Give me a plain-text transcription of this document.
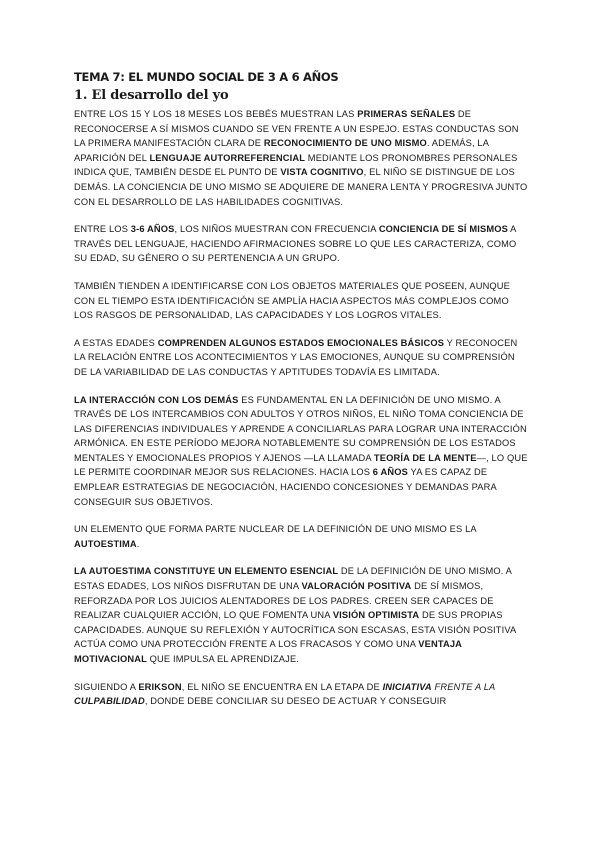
TEMA 7: EL MUNDO SOCIAL DE 3 A 6 AÑOS
1. El desarrollo del yo

ENTRE LOS 15 Y LOS 18 MESES LOS BEBÉS MUESTRAN LAS PRIMERAS SEÑALES DE RECONOCERSE A SÍ MISMOS CUANDO SE VEN FRENTE A UN ESPEJO. ESTAS CONDUCTAS SON LA PRIMERA MANIFESTACIÓN CLARA DE RECONOCIMIENTO DE UNO MISMO. ADEMÁS, LA APARICIÓN DEL LENGUAJE AUTORREFERENCIAL MEDIANTE LOS PRONOMBRES PERSONALES INDICA QUE, TAMBIÉN DESDE EL PUNTO DE VISTA COGNITIVO, EL NIÑO SE DISTINGUE DE LOS DEMÁS. LA CONCIENCIA DE UNO MISMO SE ADQUIERE DE MANERA LENTA Y PROGRESIVA JUNTO CON EL DESARROLLO DE LAS HABILIDADES COGNITIVAS.

ENTRE LOS 3-6 AÑOS, LOS NIÑOS MUESTRAN CON FRECUENCIA CONCIENCIA DE SÍ MISMOS A TRAVÉS DEL LENGUAJE, HACIENDO AFIRMACIONES SOBRE LO QUE LES CARACTERIZA, COMO SU EDAD, SU GÉNERO O SU PERTENENCIA A UN GRUPO.

TAMBIÉN TIENDEN A IDENTIFICARSE CON LOS OBJETOS MATERIALES QUE POSEEN, AUNQUE CON EL TIEMPO ESTA IDENTIFICACIÓN SE AMPLÍA HACIA ASPECTOS MÁS COMPLEJOS COMO LOS RASGOS DE PERSONALIDAD, LAS CAPACIDADES Y LOS LOGROS VITALES.

A ESTAS EDADES COMPRENDEN ALGUNOS ESTADOS EMOCIONALES BÁSICOS Y RECONOCEN LA RELACIÓN ENTRE LOS ACONTECIMIENTOS Y LAS EMOCIONES, AUNQUE SU COMPRENSIÓN DE LA VARIABILIDAD DE LAS CONDUCTAS Y APTITUDES TODAVÍA ES LIMITADA.

LA INTERACCIÓN CON LOS DEMÁS ES FUNDAMENTAL EN LA DEFINICIÓN DE UNO MISMO. A TRAVÉS DE LOS INTERCAMBIOS CON ADULTOS Y OTROS NIÑOS, EL NIÑO TOMA CONCIENCIA DE LAS DIFERENCIAS INDIVIDUALES Y APRENDE A CONCILIARLAS PARA LOGRAR UNA INTERACCIÓN ARMÓNICA. EN ESTE PERÍODO MEJORA NOTABLEMENTE SU COMPRENSIÓN DE LOS ESTADOS MENTALES Y EMOCIONALES PROPIOS Y AJENOS —LA LLAMADA TEORÍA DE LA MENTE—, LO QUE LE PERMITE COORDINAR MEJOR SUS RELACIONES. HACIA LOS 6 AÑOS YA ES CAPAZ DE EMPLEAR ESTRATEGIAS DE NEGOCIACIÓN, HACIENDO CONCESIONES Y DEMANDAS PARA CONSEGUIR SUS OBJETIVOS.

UN ELEMENTO QUE FORMA PARTE NUCLEAR DE LA DEFINICIÓN DE UNO MISMO ES LA AUTOESTIMA.

LA AUTOESTIMA CONSTITUYE UN ELEMENTO ESENCIAL DE LA DEFINICIÓN DE UNO MISMO. A ESTAS EDADES, LOS NIÑOS DISFRUTAN DE UNA VALORACIÓN POSITIVA DE SÍ MISMOS, REFORZADA POR LOS JUICIOS ALENTADORES DE LOS PADRES. CREEN SER CAPACES DE REALIZAR CUALQUIER ACCIÓN, LO QUE FOMENTA UNA VISIÓN OPTIMISTA DE SUS PROPIAS CAPACIDADES. AUNQUE SU REFLEXIÓN Y AUTOCRÍTICA SON ESCASAS, ESTA VISIÓN POSITIVA ACTÚA COMO UNA PROTECCIÓN FRENTE A LOS FRACASOS Y COMO UNA VENTAJA MOTIVACIONAL QUE IMPULSA EL APRENDIZAJE.

SIGUIENDO A ERIKSON, EL NIÑO SE ENCUENTRA EN LA ETAPA DE INICIATIVA FRENTE A LA CULPABILIDAD, DONDE DEBE CONCILIAR SU DESEO DE ACTUAR Y CONSEGUIR
